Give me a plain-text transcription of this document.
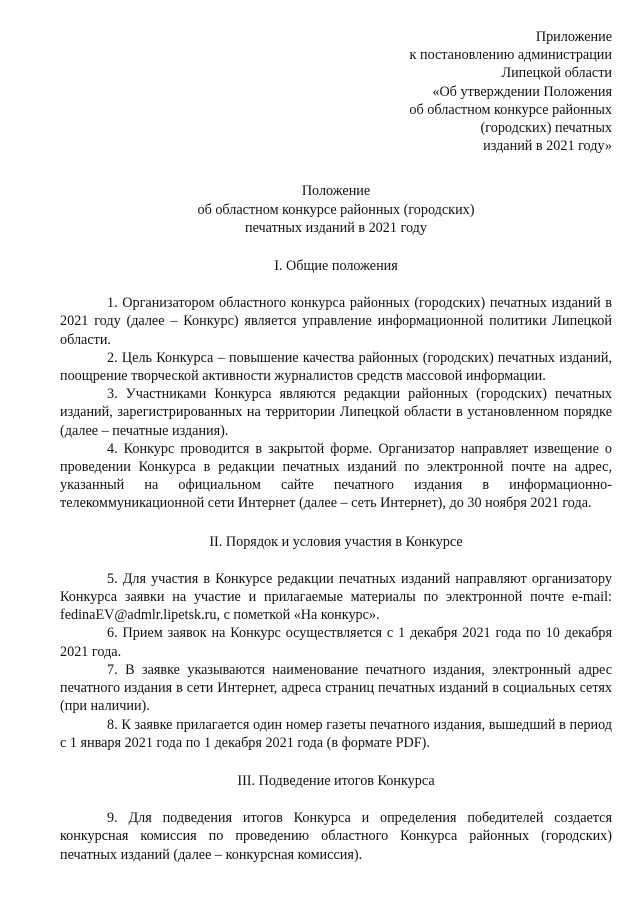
Приложение
к постановлению администрации
Липецкой области
«Об утверждении Положения
об областном конкурсе районных
(городских) печатных
изданий в 2021 году»
Положение
об областном конкурсе районных (городских)
печатных изданий в 2021 году
I. Общие положения

1. Организатором областного конкурса районных (городских) печатных изданий в 2021 году (далее – Конкурс) является управление информационной политики Липецкой области.

2. Цель Конкурса – повышение качества районных (городских) печатных изданий, поощрение творческой активности журналистов средств массовой информации.

3. Участниками Конкурса являются редакции районных (городских) печатных изданий, зарегистрированных на территории Липецкой области в установленном порядке (далее – печатные издания).

4. Конкурс проводится в закрытой форме. Организатор направляет извещение о проведении Конкурса в редакции печатных изданий по электронной почте на адрес, указанный на официальном сайте печатного издания в информационно-телекоммуникационной сети Интернет (далее – сеть Интернет), до 30 ноября 2021 года.

II. Порядок и условия участия в Конкурсе

5. Для участия в Конкурсе редакции печатных изданий направляют организатору Конкурса заявки на участие и прилагаемые материалы по электронной почте e-mail: fedinaEV@admlr.lipetsk.ru, с пометкой «На конкурс».

6. Прием заявок на Конкурс осуществляется с 1 декабря 2021 года по 10 декабря 2021 года.

7. В заявке указываются наименование печатного издания, электронный адрес печатного издания в сети Интернет, адреса страниц печатных изданий в социальных сетях (при наличии).

8. К заявке прилагается один номер газеты печатного издания, вышедший в период с 1 января 2021 года по 1 декабря 2021 года (в формате PDF).

III. Подведение итогов Конкурса

9. Для подведения итогов Конкурса и определения победителей создается конкурсная комиссия по проведению областного Конкурса районных (городских) печатных изданий (далее – конкурсная комиссия).
